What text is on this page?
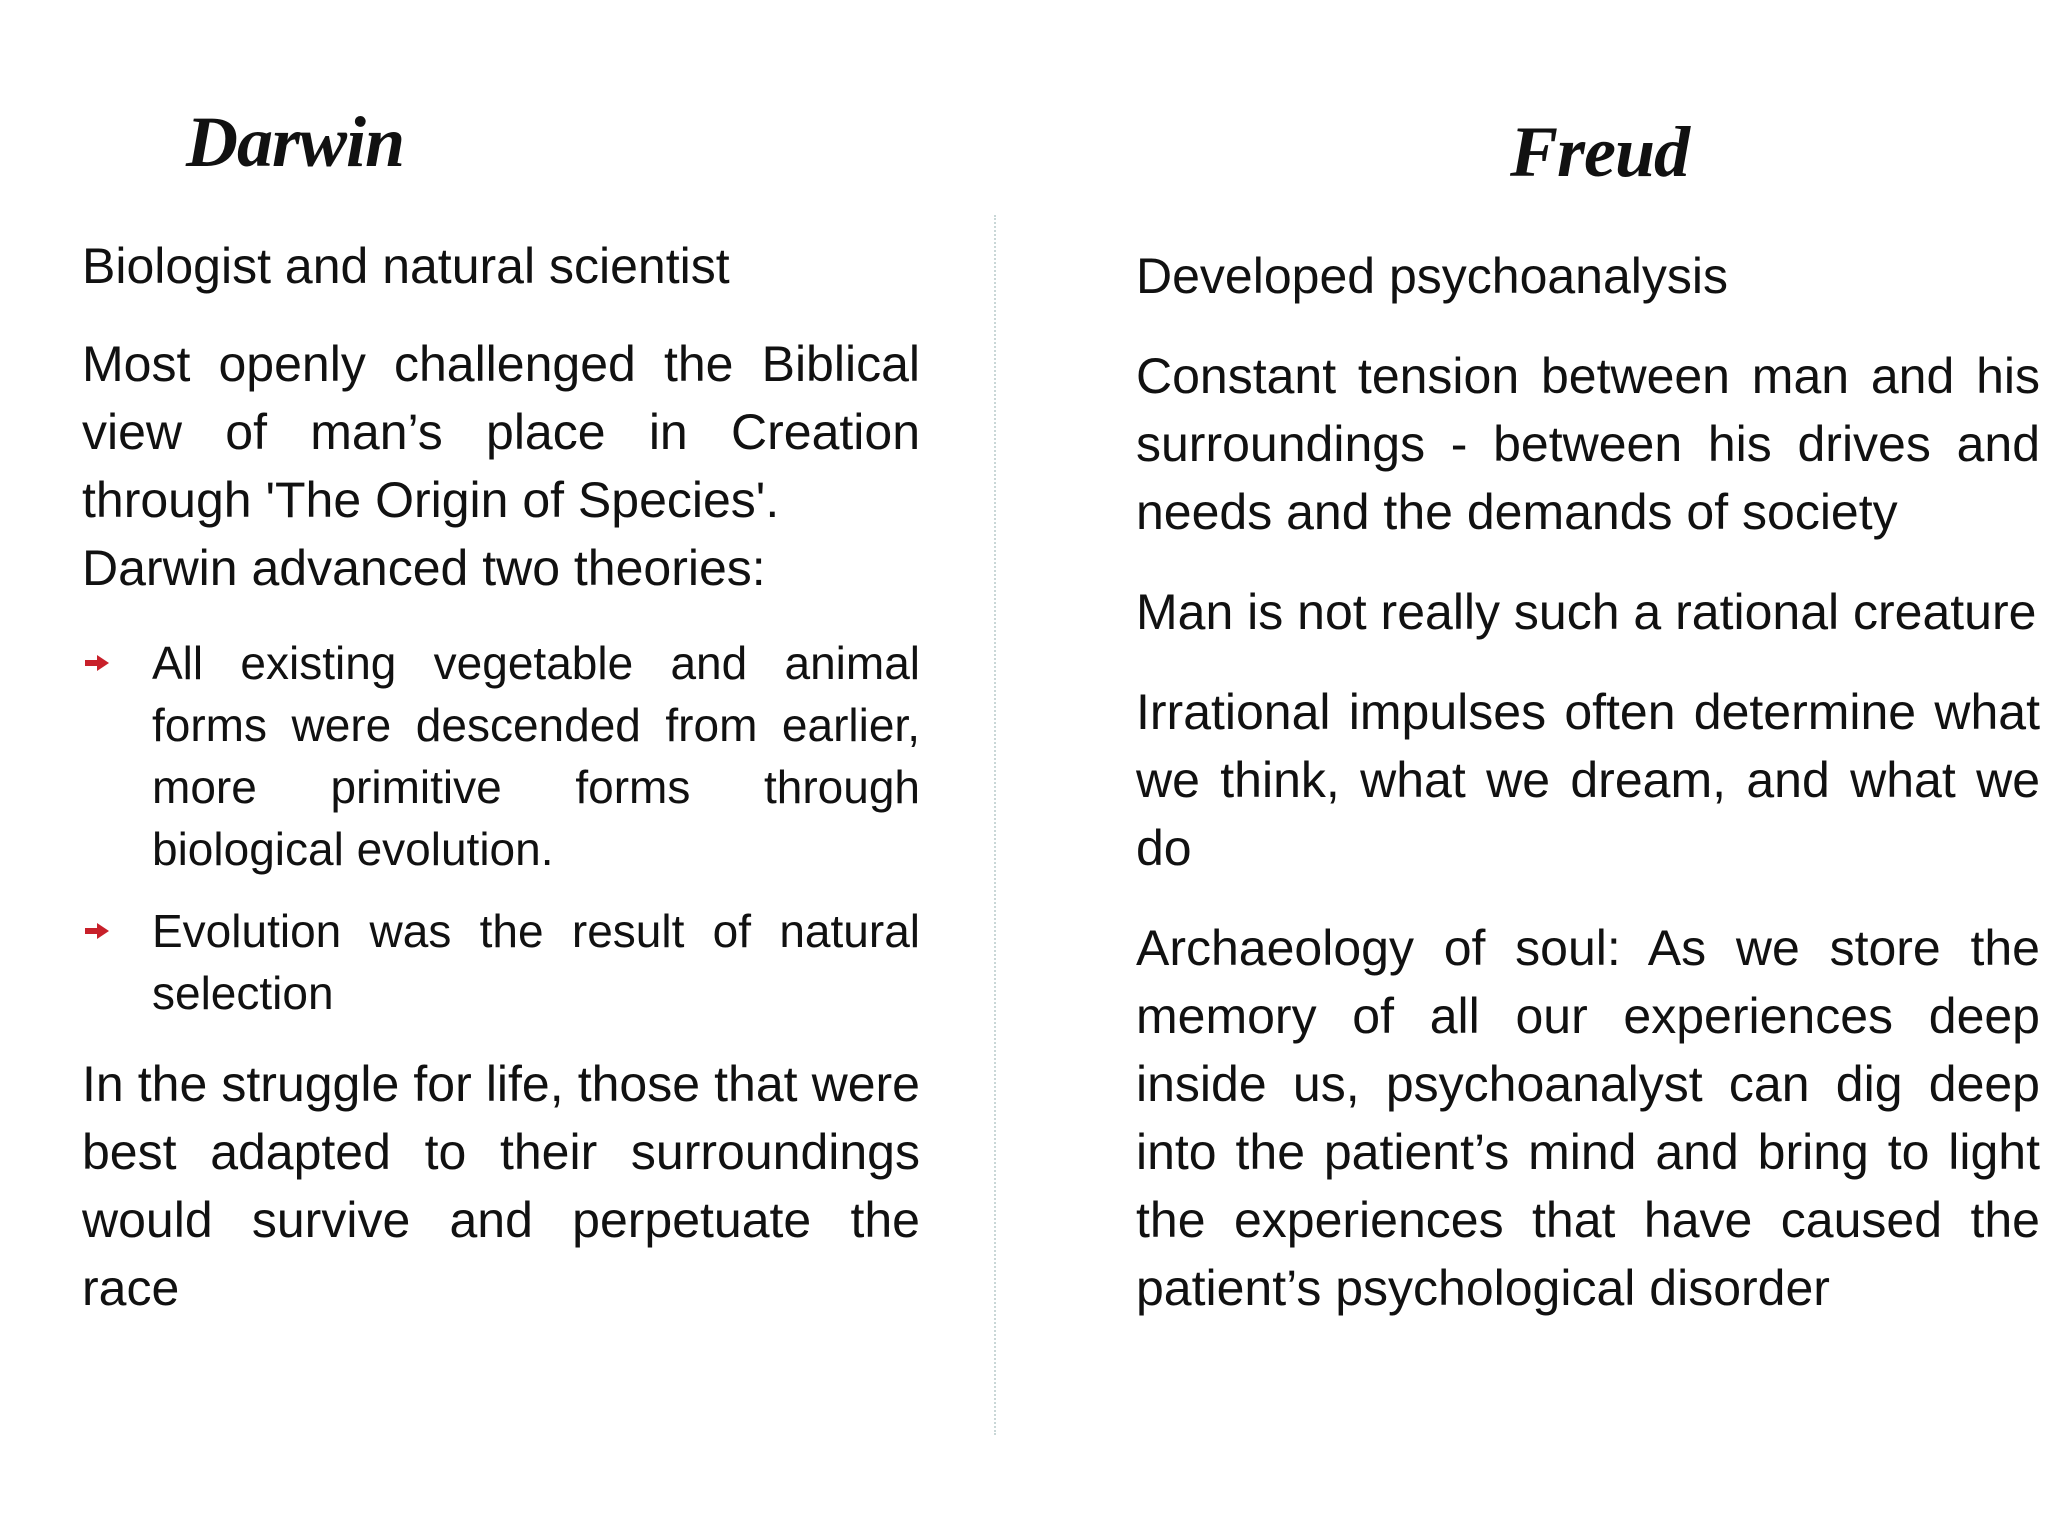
Darwin	Freud

Biologist and natural scientist

Most openly challenged the Biblical view of man’s place in Creation through 'The Origin of Species'.

Darwin advanced two theories:

All existing vegetable and animal forms were descended from earlier, more primitive forms through biological evolution.
Evolution was the result of natural selection

In the struggle for life, those that were best adapted to their surroundings would survive and perpetuate the race

Developed psychoanalysis

Constant tension between man and his surroundings - between his drives and needs and the demands of society

Man is not really such a rational creature

Irrational impulses often determine what we think, what we dream, and what we do

Archaeology of soul: As we store the memory of all our experiences deep inside us, psychoanalyst can dig deep into the patient’s mind and bring to light the experiences that have caused the patient’s psychological disorder
